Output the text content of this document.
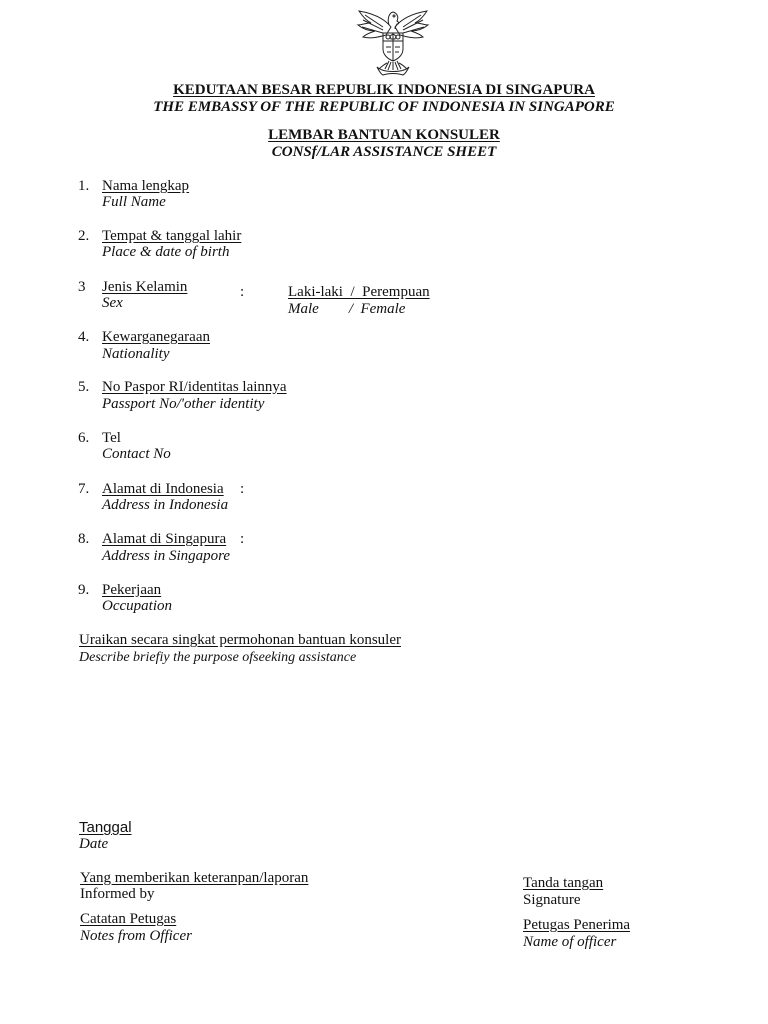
KEDUTAAN BESAR REPUBLIK INDONESIA DI SINGAPURA
THE EMBASSY OF THE REPUBLIC OF INDONESIA IN SINGAPORE
LEMBAR BANTUAN KONSULER
CONSf/LAR ASSISTANCE SHEET
1. Nama lengkap
Full Name
2. Tempat & tanggal lahir
Place & date of birth
3 Jenis Kelamin
Sex
:	Laki-laki  /  Perempuan
Male        /  Female
4. Kewarganegaraan
Nationality
5. No Paspor RI/identitas lainnya
Passport No/'other identity
6. Tel
Contact No
7. Alamat di Indonesia :
Address in Indonesia
8. Alamat di Singapura :
Address in Singapore
9. Pekerjaan
Occupation
Uraikan secara singkat permohonan bantuan konsuler
Describe briefiy the purpose ofseeking assistance
Tanggal
Date
Yang memberikan keteranpan/laporan
Informed by
Catatan Petugas
Notes from Officer
Tanda tangan
Signature
Petugas Penerima
Name of officer
